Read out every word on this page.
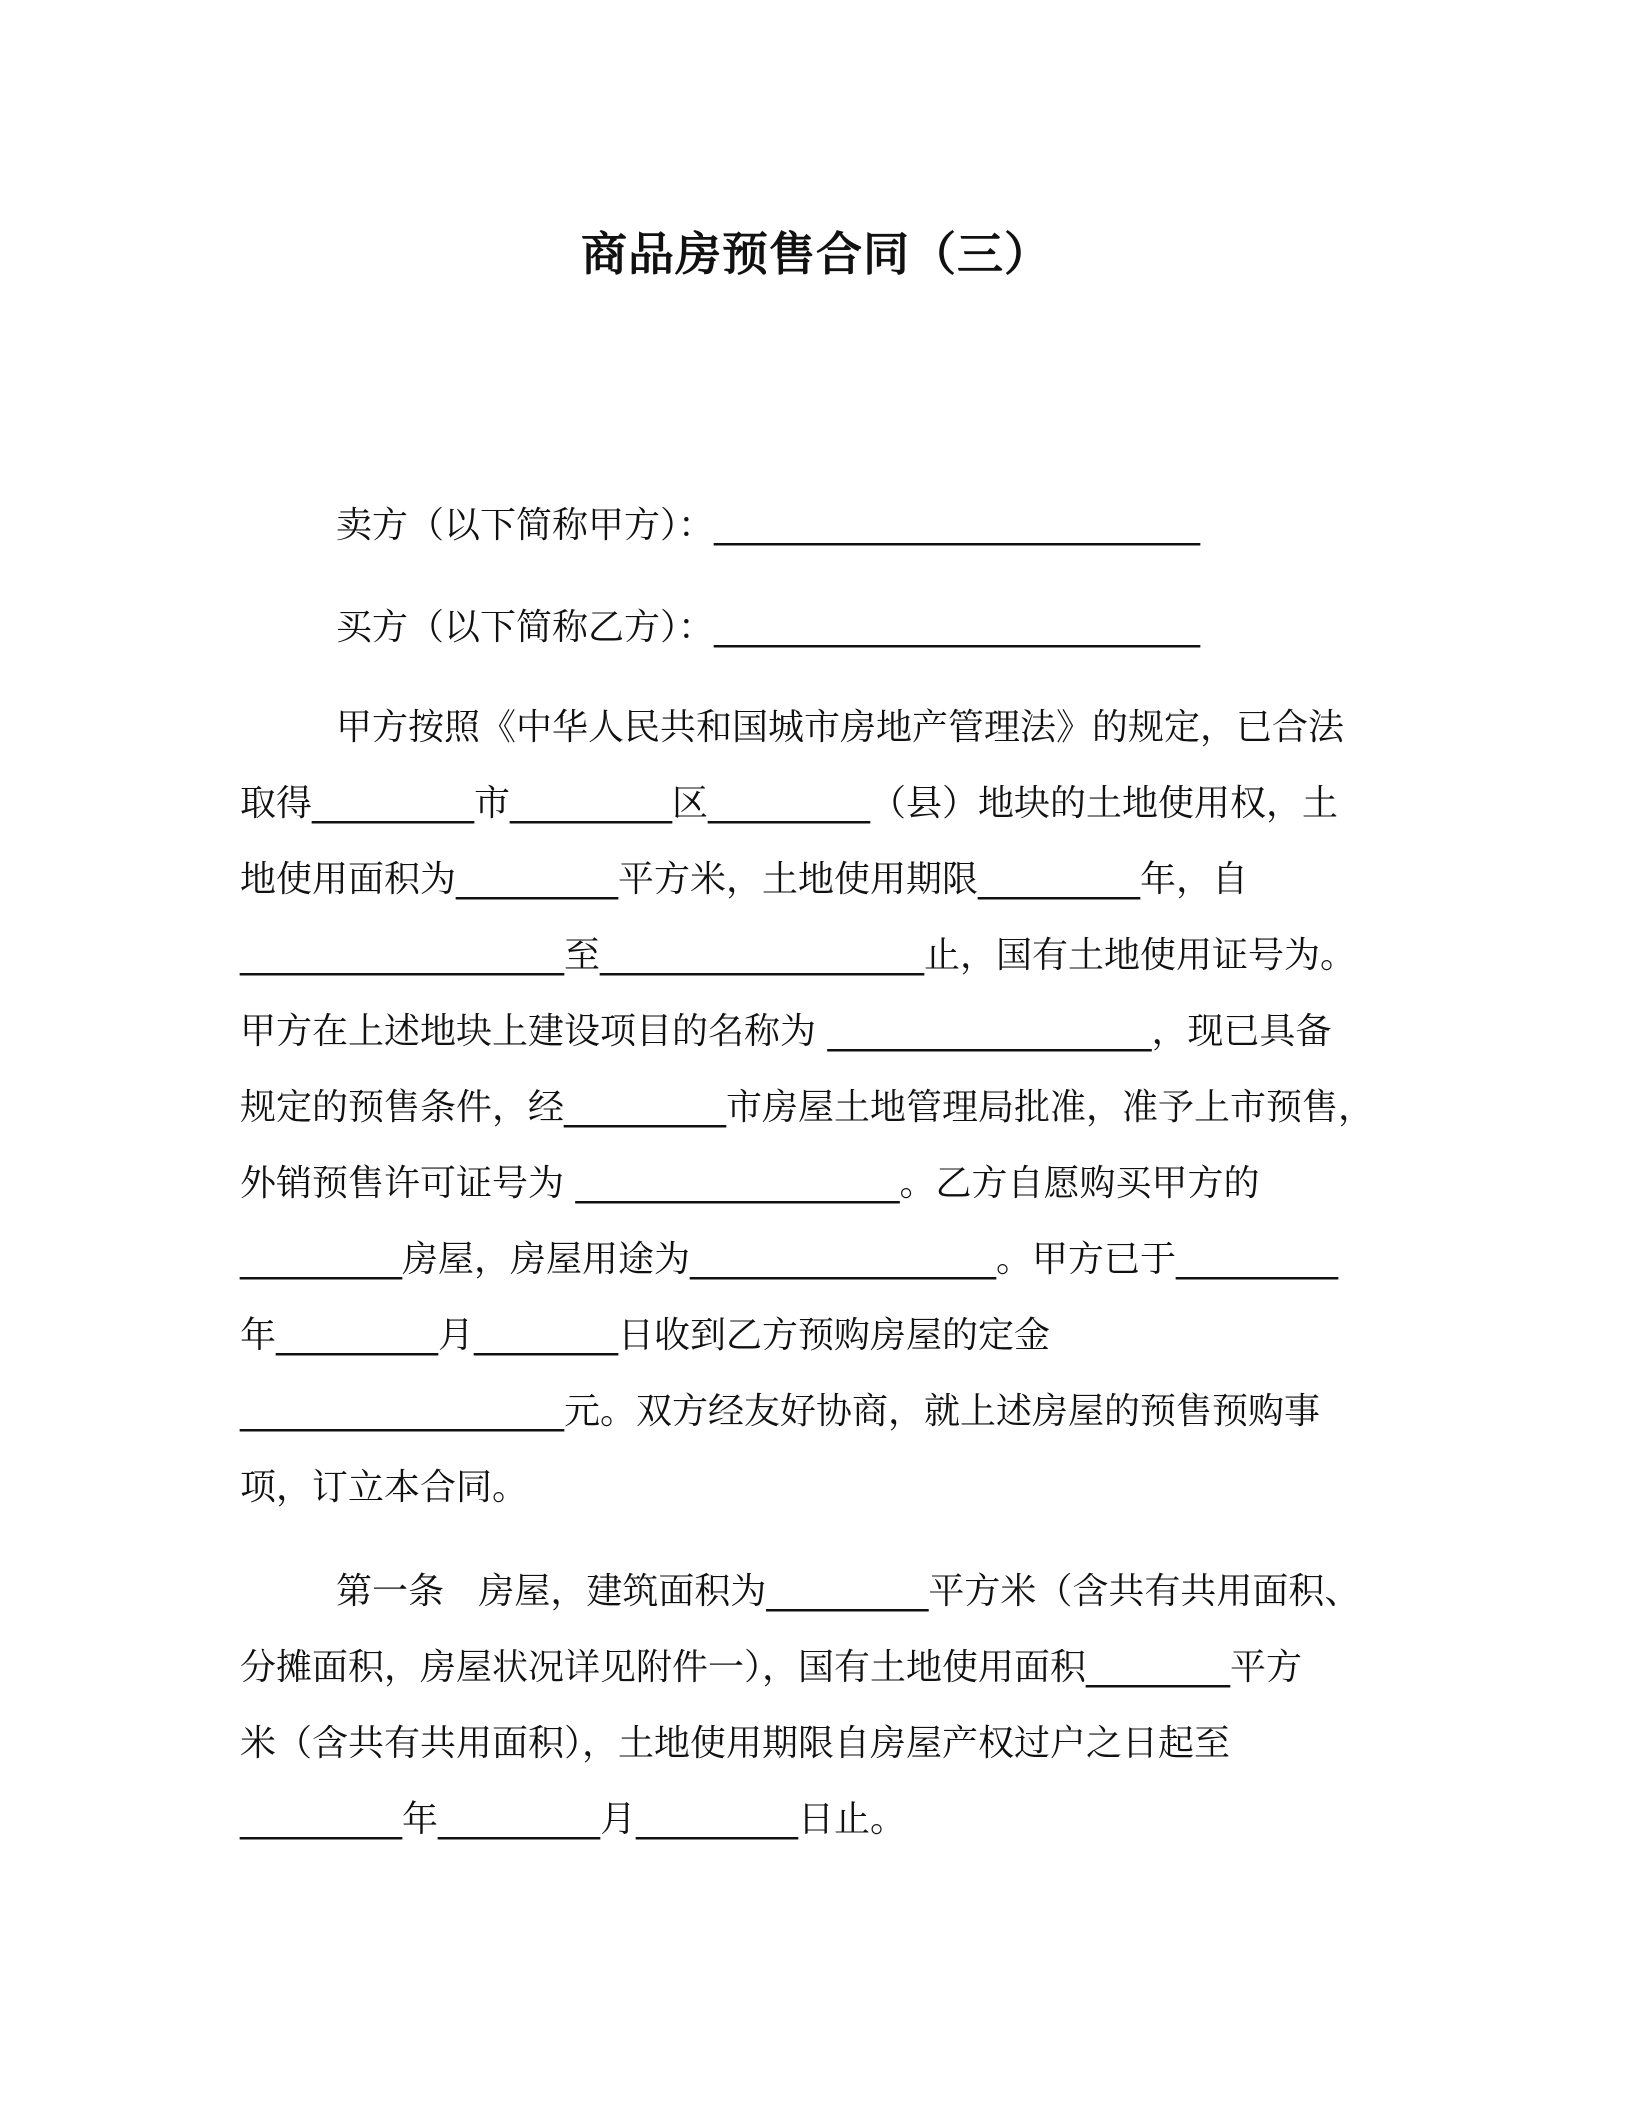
商品房预售合同（三）
卖方（以下简称甲方）：___________________________
买方（以下简称乙方）：___________________________
甲方按照《中华人民共和国城市房地产管理法》的规定，已合法
取得_________市_________区_________（县）地块的土地使用权，土
地使用面积为_________平方米，土地使用期限_________年，自
__________________至__________________止，国有土地使用证号为。
甲方在上述地块上建设项目的名称为 __________________，现已具备
规定的预售条件，经_________市房屋土地管理局批准，准予上市预售，
外销预售许可证号为 __________________。乙方自愿购买甲方的
_________房屋，房屋用途为_________________。甲方已于_________
年_________月________日收到乙方预购房屋的定金
__________________元。双方经友好协商，就上述房屋的预售预购事
项，订立本合同。
第一条   房屋，建筑面积为_________平方米（含共有共用面积、
分摊面积，房屋状况详见附件一），国有土地使用面积________平方
米（含共有共用面积），土地使用期限自房屋产权过户之日起至
_________年_________月_________日止。
